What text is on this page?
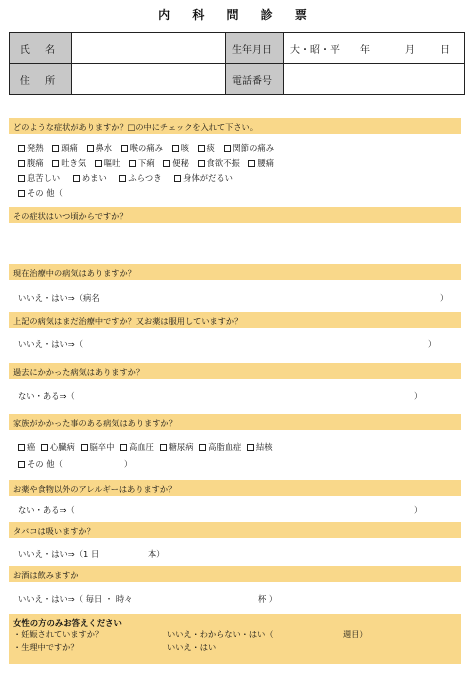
内 科 問 診 票
氏 名		生年月日	大・昭・平 年 月 日
住 所		電話番号	
どのような症状がありますか？□の中にチェックを入れて下さい。
発熱 頭痛 鼻水 喉の痛み 咳 痰 関節の痛み
腹痛 吐き気 嘔吐 下痢 便秘 食欲不振 腰痛
息苦しい	めまい	ふらつき	身体がだるい
その 他（
その症状はいつ頃からですか？
現在治療中の病気はありますか？
いいえ・はい⇒（病名	）
上記の病気はまだ治療中ですか？又お薬は服用していますか？
いいえ・はい⇒（	）
過去にかかった病気はありますか？
ない・ある⇒（	）
家族がかかった事のある病気はありますか？
癌 心臓病 脳卒中 高血圧 糖尿病 高脂血症 結核
その 他（	）
お薬や食物以外のアレルギーはありますか？
ない・ある⇒（	）
タバコは吸いますか？
いいえ・はい⇒（1 日	本）
お酒は飲みますか
いいえ・はい⇒（ 毎日 ・ 時々	杯 ）
女性の方のみお答えください
・妊娠されていますか？	いいえ・わからない・はい（	週目）
・生理中ですか？	いいえ・はい
